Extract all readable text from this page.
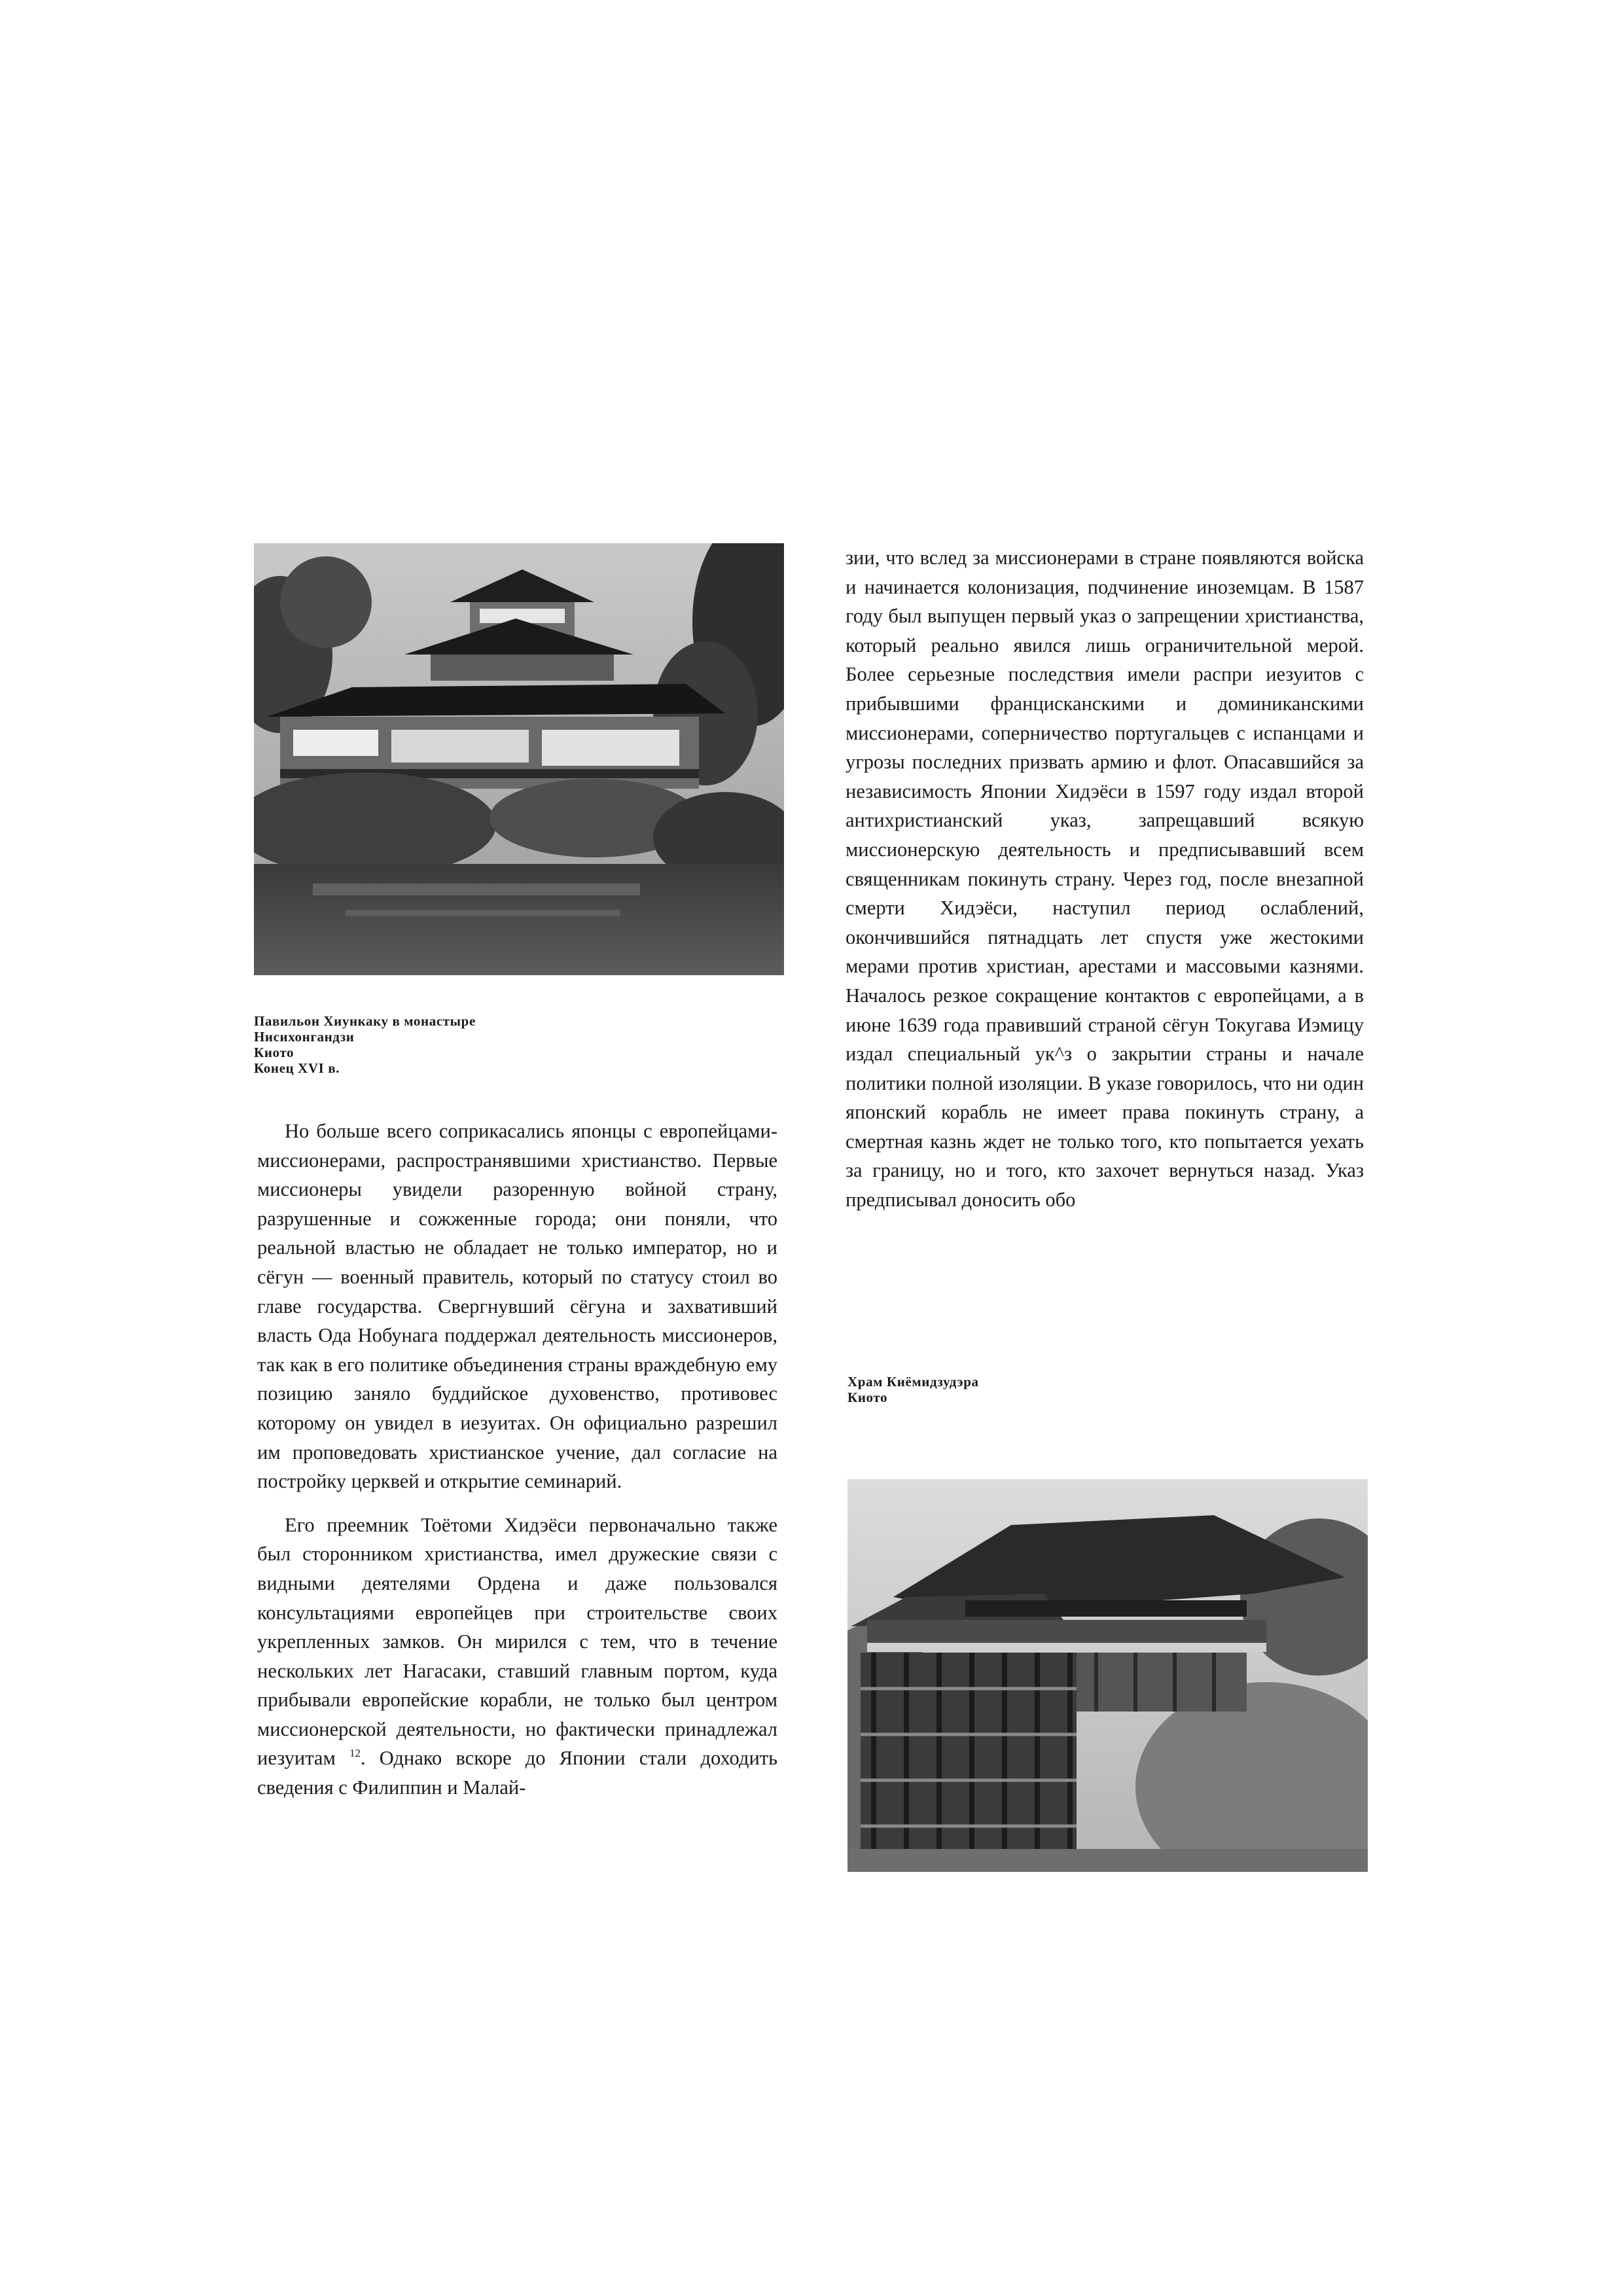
Павильон Хиункаку в монастыре
Нисихонгандзи
Киото
Конец XVI в.

Но больше всего соприкасались японцы с европейцами-миссионерами, распространявшими христианство. Первые миссионеры увидели разоренную войной страну, разрушенные и сожженные города; они поняли, что реальной властью не обладает не только император, но и сёгун — военный правитель, который по статусу стоил во главе государства. Свергнувший сёгуна и захвативший власть Ода Нобунага поддержал деятельность миссионеров, так как в его политике объединения страны враждебную ему позицию заняло буддийское духовенство, противовес которому он увидел в иезуитах. Он официально разрешил им проповедовать христианское учение, дал согласие на постройку церквей и открытие семинарий.

Его преемник Тоётоми Хидэёси первоначально также был сторонником христианства, имел дружеские связи с видными деятелями Ордена и даже пользовался консультациями европейцев при строительстве своих укрепленных замков. Он мирился с тем, что в течение нескольких лет Нагасаки, ставший главным портом, куда прибывали европейские корабли, не только был центром миссионерской деятельности, но фактически принадлежал иезуитам $^{12}$. Однако вскоре до Японии стали доходить сведения с Филиппин и Малай-

зии, что вслед за миссионерами в стране появляются войска и начинается колонизация, подчинение иноземцам. В 1587 году был выпущен первый указ о запрещении христианства, который реально явился лишь ограничительной мерой. Более серьезные последствия имели распри иезуитов с прибывшими францисканскими и доминиканскими миссионерами, соперничество португальцев с испанцами и угрозы последних призвать армию и флот. Опасавшийся за независимость Японии Хидэёси в 1597 году издал второй антихристианский указ, запрещавший всякую миссионерскую деятельность и предписывавший всем священникам покинуть страну. Через год, после внезапной смерти Хидэёси, наступил период ослаблений, окончившийся пятнадцать лет спустя уже жестокими мерами против христиан, арестами и массовыми казнями. Началось резкое сокращение контактов с европейцами, а в июне 1639 года правивший страной сёгун Токугава Иэмицу издал специальный ук^з о закрытии страны и начале политики полной изоляции. В указе говорилось, что ни один японский корабль не имеет права покинуть страну, а смертная казнь ждет не только того, кто попытается уехать за границу, но и того, кто захочет вернуться назад. Указ предписывал доносить обо

Храм Киёмидзудэра
Киото
